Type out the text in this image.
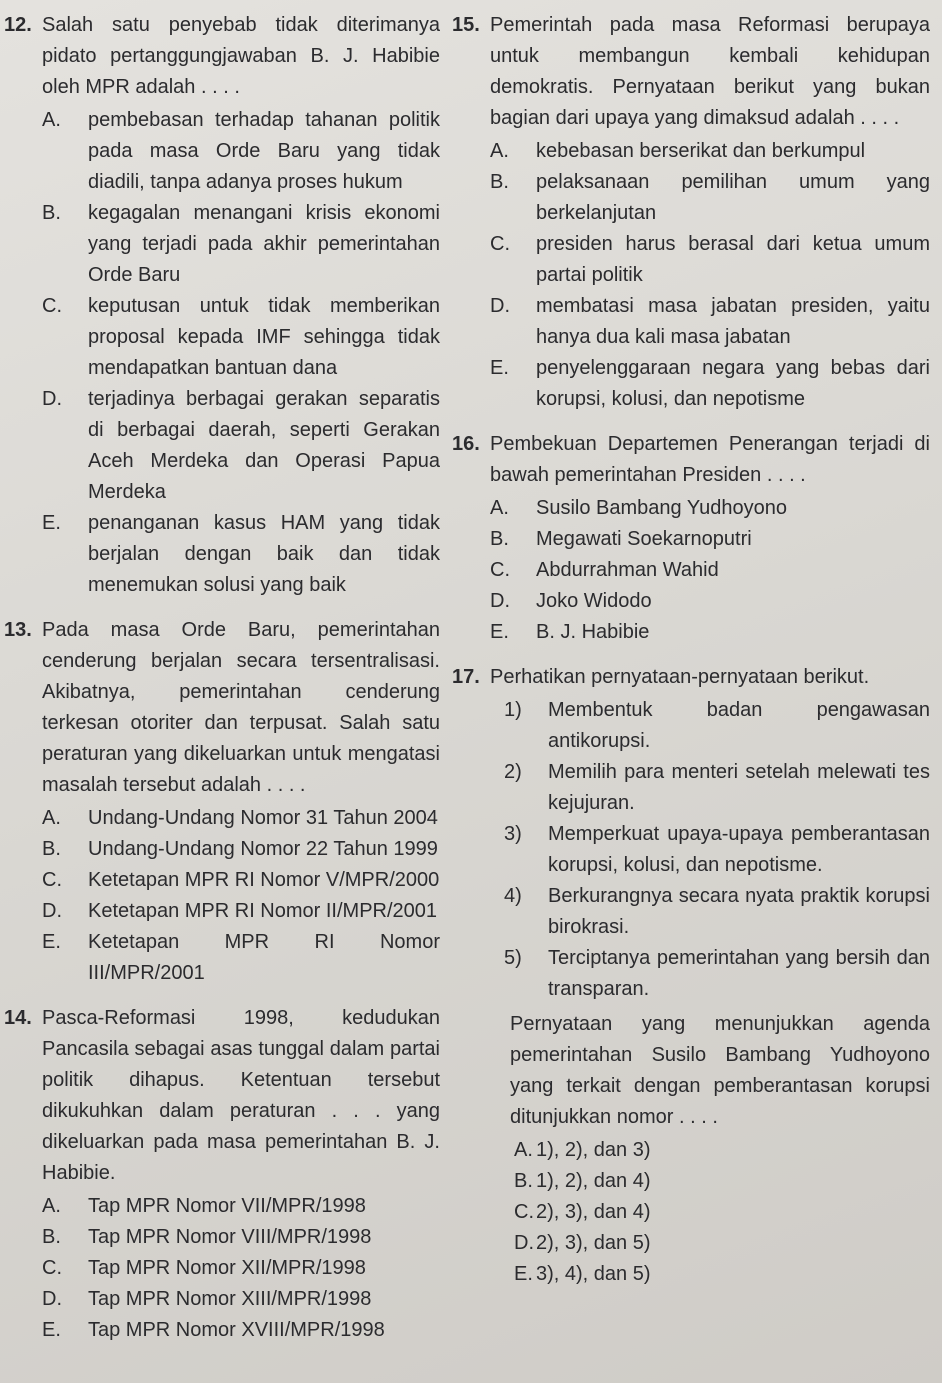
12. Salah satu penyebab tidak diterimanya pidato pertanggungjawaban B. J. Habibie oleh MPR adalah . . . .
A.	pembebasan terhadap tahanan politik pada masa Orde Baru yang tidak diadili, tanpa adanya proses hukum
B.	kegagalan menangani krisis ekonomi yang terjadi pada akhir pemerintahan Orde Baru
C.	keputusan untuk tidak memberikan proposal kepada IMF sehingga tidak mendapatkan bantuan dana
D.	terjadinya berbagai gerakan separatis di berbagai daerah, seperti Gerakan Aceh Merdeka dan Operasi Papua Merdeka
E.	penanganan kasus HAM yang tidak berjalan dengan baik dan tidak menemukan solusi yang baik
13. Pada masa Orde Baru, pemerintahan cenderung berjalan secara tersentralisasi. Akibatnya, pemerintahan cenderung terkesan otoriter dan terpusat. Salah satu peraturan yang dikeluarkan untuk mengatasi masalah tersebut adalah . . . .
A.	Undang-Undang Nomor 31 Tahun 2004
B.	Undang-Undang Nomor 22 Tahun 1999
C.	Ketetapan MPR RI Nomor V/MPR/2000
D.	Ketetapan MPR RI Nomor II/MPR/2001
E.	Ketetapan MPR RI Nomor III/MPR/2001
14. Pasca-Reformasi 1998, kedudukan Pancasila sebagai asas tunggal dalam partai politik dihapus. Ketentuan tersebut dikukuhkan dalam peraturan . . . yang dikeluarkan pada masa pemerintahan B. J. Habibie.
A.	Tap MPR Nomor VII/MPR/1998
B.	Tap MPR Nomor VIII/MPR/1998
C.	Tap MPR Nomor XII/MPR/1998
D.	Tap MPR Nomor XIII/MPR/1998
E.	Tap MPR Nomor XVIII/MPR/1998
15. Pemerintah pada masa Reformasi berupaya untuk membangun kembali kehidupan demokratis. Pernyataan berikut yang bukan bagian dari upaya yang dimaksud adalah . . . .
A.	kebebasan berserikat dan berkumpul
B.	pelaksanaan pemilihan umum yang berkelanjutan
C.	presiden harus berasal dari ketua umum partai politik
D.	membatasi masa jabatan presiden, yaitu hanya dua kali masa jabatan
E.	penyelenggaraan negara yang bebas dari korupsi, kolusi, dan nepotisme
16. Pembekuan Departemen Penerangan terjadi di bawah pemerintahan Presiden . . . .
A.	Susilo Bambang Yudhoyono
B.	Megawati Soekarnoputri
C.	Abdurrahman Wahid
D.	Joko Widodo
E.	B. J. Habibie
17. Perhatikan pernyataan-pernyataan berikut.
1) Membentuk badan pengawasan antikorupsi.
2) Memilih para menteri setelah melewati tes kejujuran.
3) Memperkuat upaya-upaya pemberantasan korupsi, kolusi, dan nepotisme.
4) Berkurangnya secara nyata praktik korupsi birokrasi.
5) Terciptanya pemerintahan yang bersih dan transparan.
Pernyataan yang menunjukkan agenda pemerintahan Susilo Bambang Yudhoyono yang terkait dengan pemberantasan korupsi ditunjukkan nomor . . . .
A. 1), 2), dan 3)
B. 1), 2), dan 4)
C. 2), 3), dan 4)
D. 2), 3), dan 5)
E. 3), 4), dan 5)
